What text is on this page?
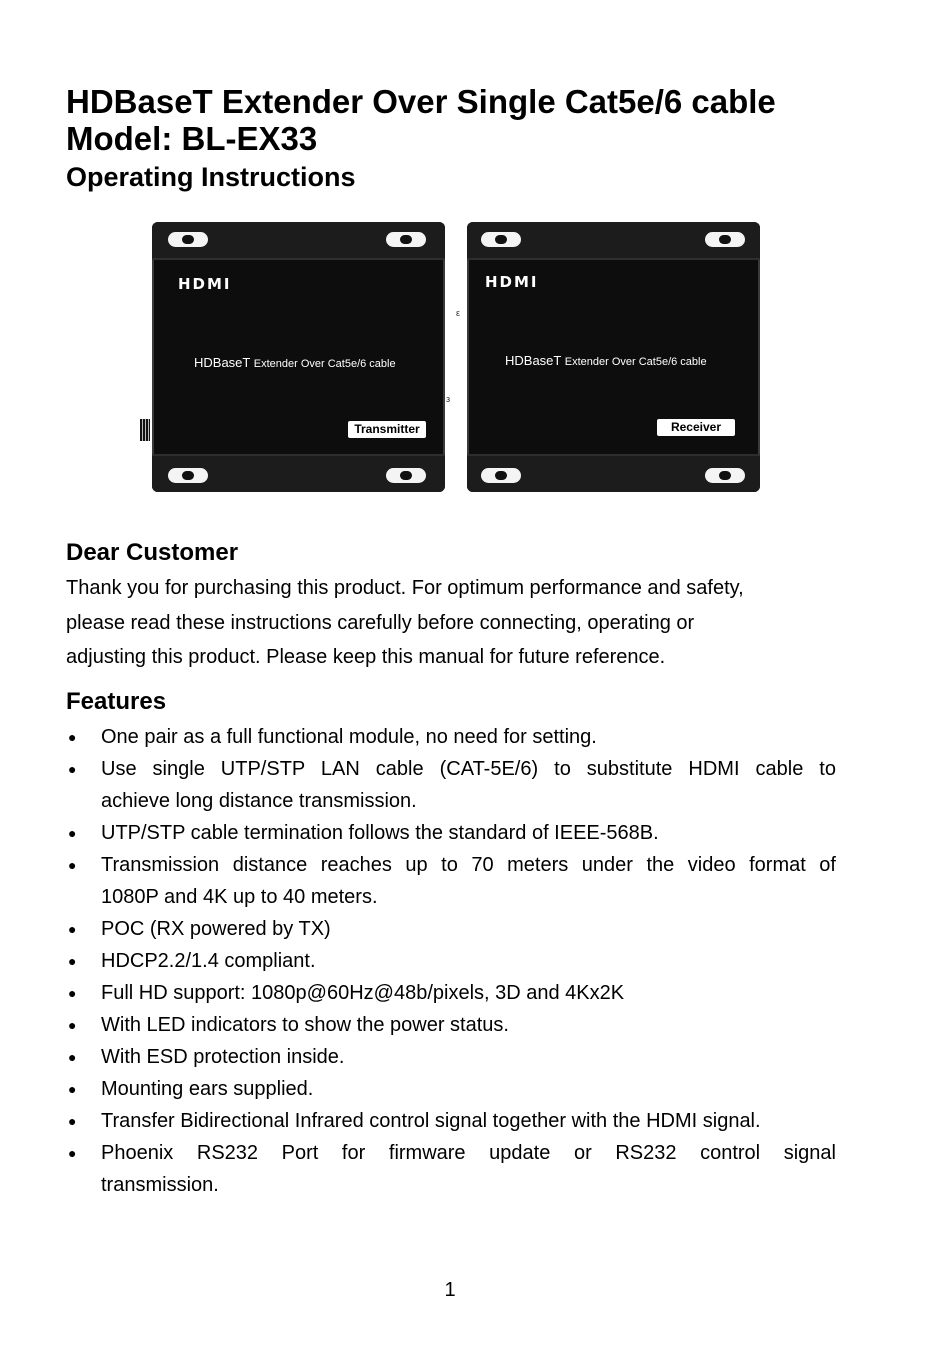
HDBaseT Extender Over Single Cat5e/6 cable
Model: BL-EX33
Operating Instructions
HDMI
HDBaseT Extender Over Cat5e/6 cable
Transmitter
ε
з
HDMI
HDBaseT Extender Over Cat5e/6 cable
Receiver
Dear Customer
Thank you for purchasing this product. For optimum performance and safety,
please read these instructions carefully before connecting, operating or
adjusting this product. Please keep this manual for future reference.
Features
● One pair as a full functional module, no need for setting.
● Use single UTP/STP LAN cable (CAT-5E/6) to substitute HDMI cable to
achieve long distance transmission.
● UTP/STP cable termination follows the standard of IEEE-568B.
● Transmission distance reaches up to 70 meters under the video format of
1080P and 4K up to 40 meters.
● POC (RX powered by TX)
● HDCP2.2/1.4 compliant.
● Full HD support: 1080p@60Hz@48b/pixels, 3D and 4Kx2K
● With LED indicators to show the power status.
● With ESD protection inside.
● Mounting ears supplied.
● Transfer Bidirectional Infrared control signal together with the HDMI signal.
● Phoenix RS232 Port for firmware update or RS232 control signal
transmission.
1
